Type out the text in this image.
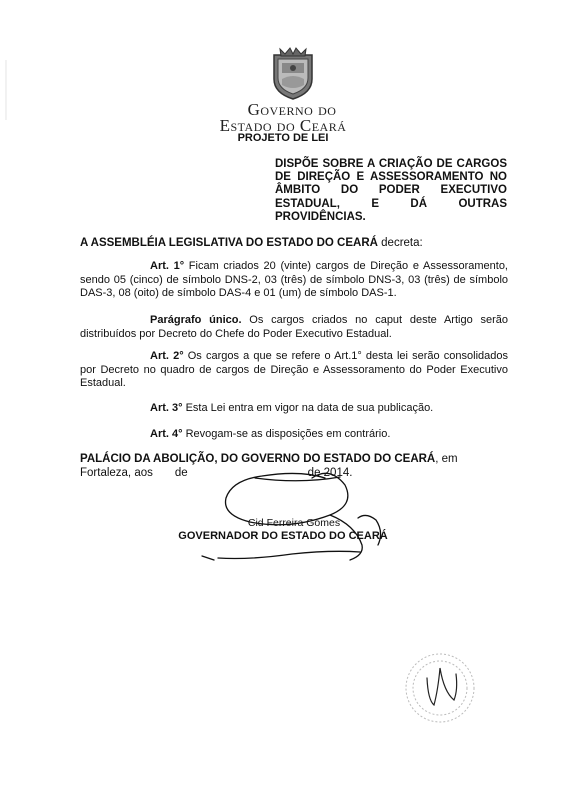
Governo do
Estado do Ceará
PROJETO DE LEI
DISPÕE SOBRE A CRIAÇÃO DE CARGOS
DE DIREÇÃO E ASSESSORAMENTO NO
ÂMBITO DO PODER EXECUTIVO
ESTADUAL, E DÁ OUTRAS
PROVIDÊNCIAS.
A ASSEMBLÉIA LEGISLATIVA DO ESTADO DO CEARÁ decreta:
Art. 1° Ficam criados 20 (vinte) cargos de Direção e Assessoramento, sendo 05 (cinco) de símbolo DNS-2, 03 (três) de símbolo DNS-3, 03 (três) de símbolo DAS-3, 08 (oito) de símbolo DAS-4 e 01 (um) de símbolo DAS-1.
Parágrafo único. Os cargos criados no caput deste Artigo serão distribuídos por Decreto do Chefe do Poder Executivo Estadual.
Art. 2° Os cargos a que se refere o Art.1° desta lei serão consolidados por Decreto no quadro de cargos de Direção e Assessoramento do Poder Executivo Estadual.
Art. 3° Esta Lei entra em vigor na data de sua publicação.
Art. 4° Revogam-se as disposições em contrário.
PALÁCIO DA ABOLIÇÃO, DO GOVERNO DO ESTADO DO CEARÁ, em
Fortaleza, aos de	de 2014.
Cid Ferreira Gomes
GOVERNADOR DO ESTADO DO CEARÁ
